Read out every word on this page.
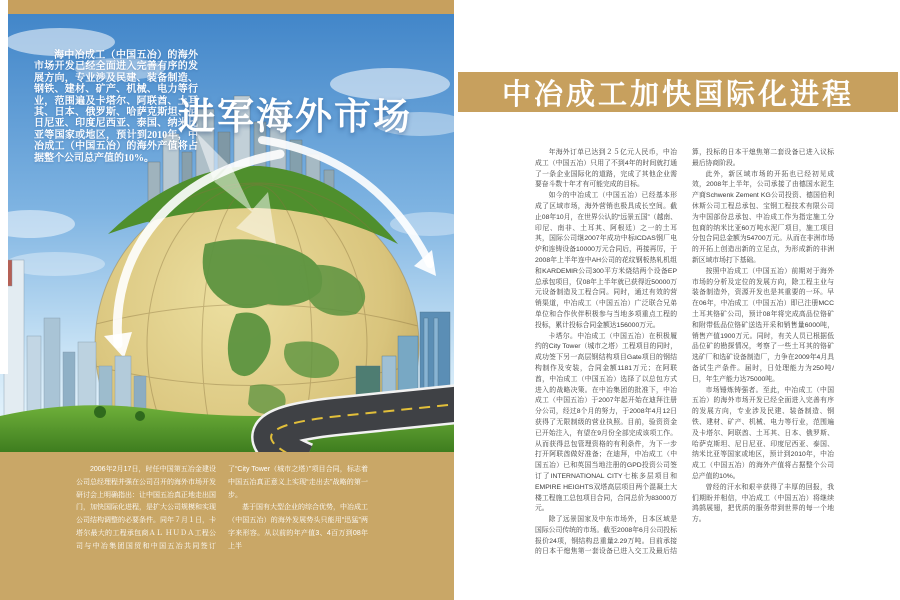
海中冶成工（中国五冶）的海外市场开发已经全面进入完善有序的发展方向，专业涉及民建、装备制造、钢铁、建材、矿产、机械、电力等行业，范围遍及卡塔尔、阿联酋、土耳其、日本、俄罗斯、哈萨克斯坦、尼日尼亚、印度尼西亚、泰国、纳米比亚等国家或地区，预计到2010年，中冶成工（中国五冶）的海外产值将占据整个公司总产值的10%。
进军海外市场

2006年2月17日，时任中国第五冶金建设公司总经理程并强在公司召开的海外市场开发研讨会上明确指出：让中国五冶真正地走出国门，加快国际化进程，是扩大公司规模和实现公司结构调整的必要条件。同年７月１日，卡塔尔最大的工程承包商ＡＬ ＨＵＤＡ工程公司与中冶集团国贸和中国五冶共同签订了“City Tower（城市之塔）”项目合同，标志着中国五冶真正意义上实现“走出去”战略的第一步。

基于国有大型企业的综合优势，中冶成工（中国五冶）的海外发展势头只能用“迅猛”两字来形容。从以前的年产值3、4百万到08年上半

中冶成工加快国际化进程

年海外订单已达到２５亿元人民币，中冶成工（中国五冶）只用了不到4年的时间就打通了一条企业国际化的道路，完成了其他企业需要奋斗数十年才有可能完成的目标。

如今的中冶成工（中国五冶）已经基本形成了区域市场，海外营销也极具成长空间。截止08年10月，在世界公认的“远景五国”（越南、印尼、南非、土耳其、阿根廷）之一的土耳其，国际公司继2007年成功中标ICDAS钢厂电炉和连铸设备10000万元合同后，再接再厉，于2008年上半年连中AH公司的花纹钢板热轧机组和KARDEMIR公司300平方米烧结两个设备EP总承包项目，仅08年上半年就已获得近50000万元设备制造及工程合同。同时，通过有效的营销渠道，中冶成工（中国五冶）广泛联合兄弟单位和合作伙伴积极参与当地多项重点工程的投标，累计投标合同金额达156000万元。

卡塔尔。中冶成工（中国五冶）在积极履约的City Tower（城市之塔）工程项目的同时，成功签下另一高层钢结构项目Gate项目的钢结构制作及安装，合同金额1181万元；在阿联酋，中冶成工（中国五冶）选择了以总包方式进入的战略决策。在中冶集团的批准下，中冶成工（中国五冶）于2007年起开始在迪拜注册分公司，经过8个月的努力，于2008年4月12日获得了无限制级的营业执照。目前，验资资金已开始注入，有望在9月份全部完成该项工作。从而获得总包管理资格的有利条件，为下一步打开阿联酋做好准备；在迪拜，中冶成工（中国五冶）已和英国当地注册的GPD投资公司签订了INTERNATIONAL CITY七栋多层项目和EMPIRE HEIGHTS双塔高层项目两个混凝土大楼工程施工总包项目合同，合同总价为83000万元。

除了远景国家及中东市场外，日本区域是国际公司传统的市场。截至2008年6月公司投标报价24项，钢结构总重量2.29万吨。目前承接的日本干熄焦第一套设备已进入交工及最后结算，投标的日本干熄焦第二套设备已进入议标最后协商阶段。

此外，新区域市场的开拓也已经初见成效，2008年上半年，公司承接了由德国水泥生产商Schwenk Zement KG公司投资、德国伯利休斯公司工程总承包、宝钢工程技术有限公司为中国部份总承包、中冶成工作为指定施工分包商的纳米比亚60万吨水泥厂项目，施工项目分包合同总金额为54700万元。从而在非洲市场的开拓上创造出新的立足点，为形成新的非洲新区域市场打下基础。

按照中冶成工（中国五冶）前期对于海外市场的分析及定位的发展方向，除工程主业与装备制造外，资源开发也是其重要的一环。早在06年，中冶成工（中国五冶）即已注册MCC土耳其铬矿公司，预计08年将完成高品位铬矿和附带低品位铬矿送选开采和销售量6000吨，销售产值1900万元。同时，有关人员已根据低品位矿的勘探情况，考察了一些土耳其的铬矿选矿厂和选矿设备制造厂，力争在2009年4月具备试生产条件。届时，日处理能力为250吨/日，年生产能力达75000吨。

市场锤炼铸强者。至此，中冶成工（中国五冶）的海外市场开发已经全面进入完善有序的发展方向，专业涉及民建、装备制造、钢铁、建材、矿产、机械、电力等行业，范围遍及卡塔尔、阿联酋、土耳其、日本、俄罗斯、哈萨克斯坦、尼日尼亚、印度尼西亚、泰国、纳米比亚等国家或地区，预计到2010年，中冶成工（中国五冶）的海外产值将占据整个公司总产值的10%。

曾经的汗水和艰辛获得了丰厚的回报，我们期盼并相信，中冶成工（中国五冶）将继续鸿鹄展翅，把优质的服务带到世界的每一个地方。
